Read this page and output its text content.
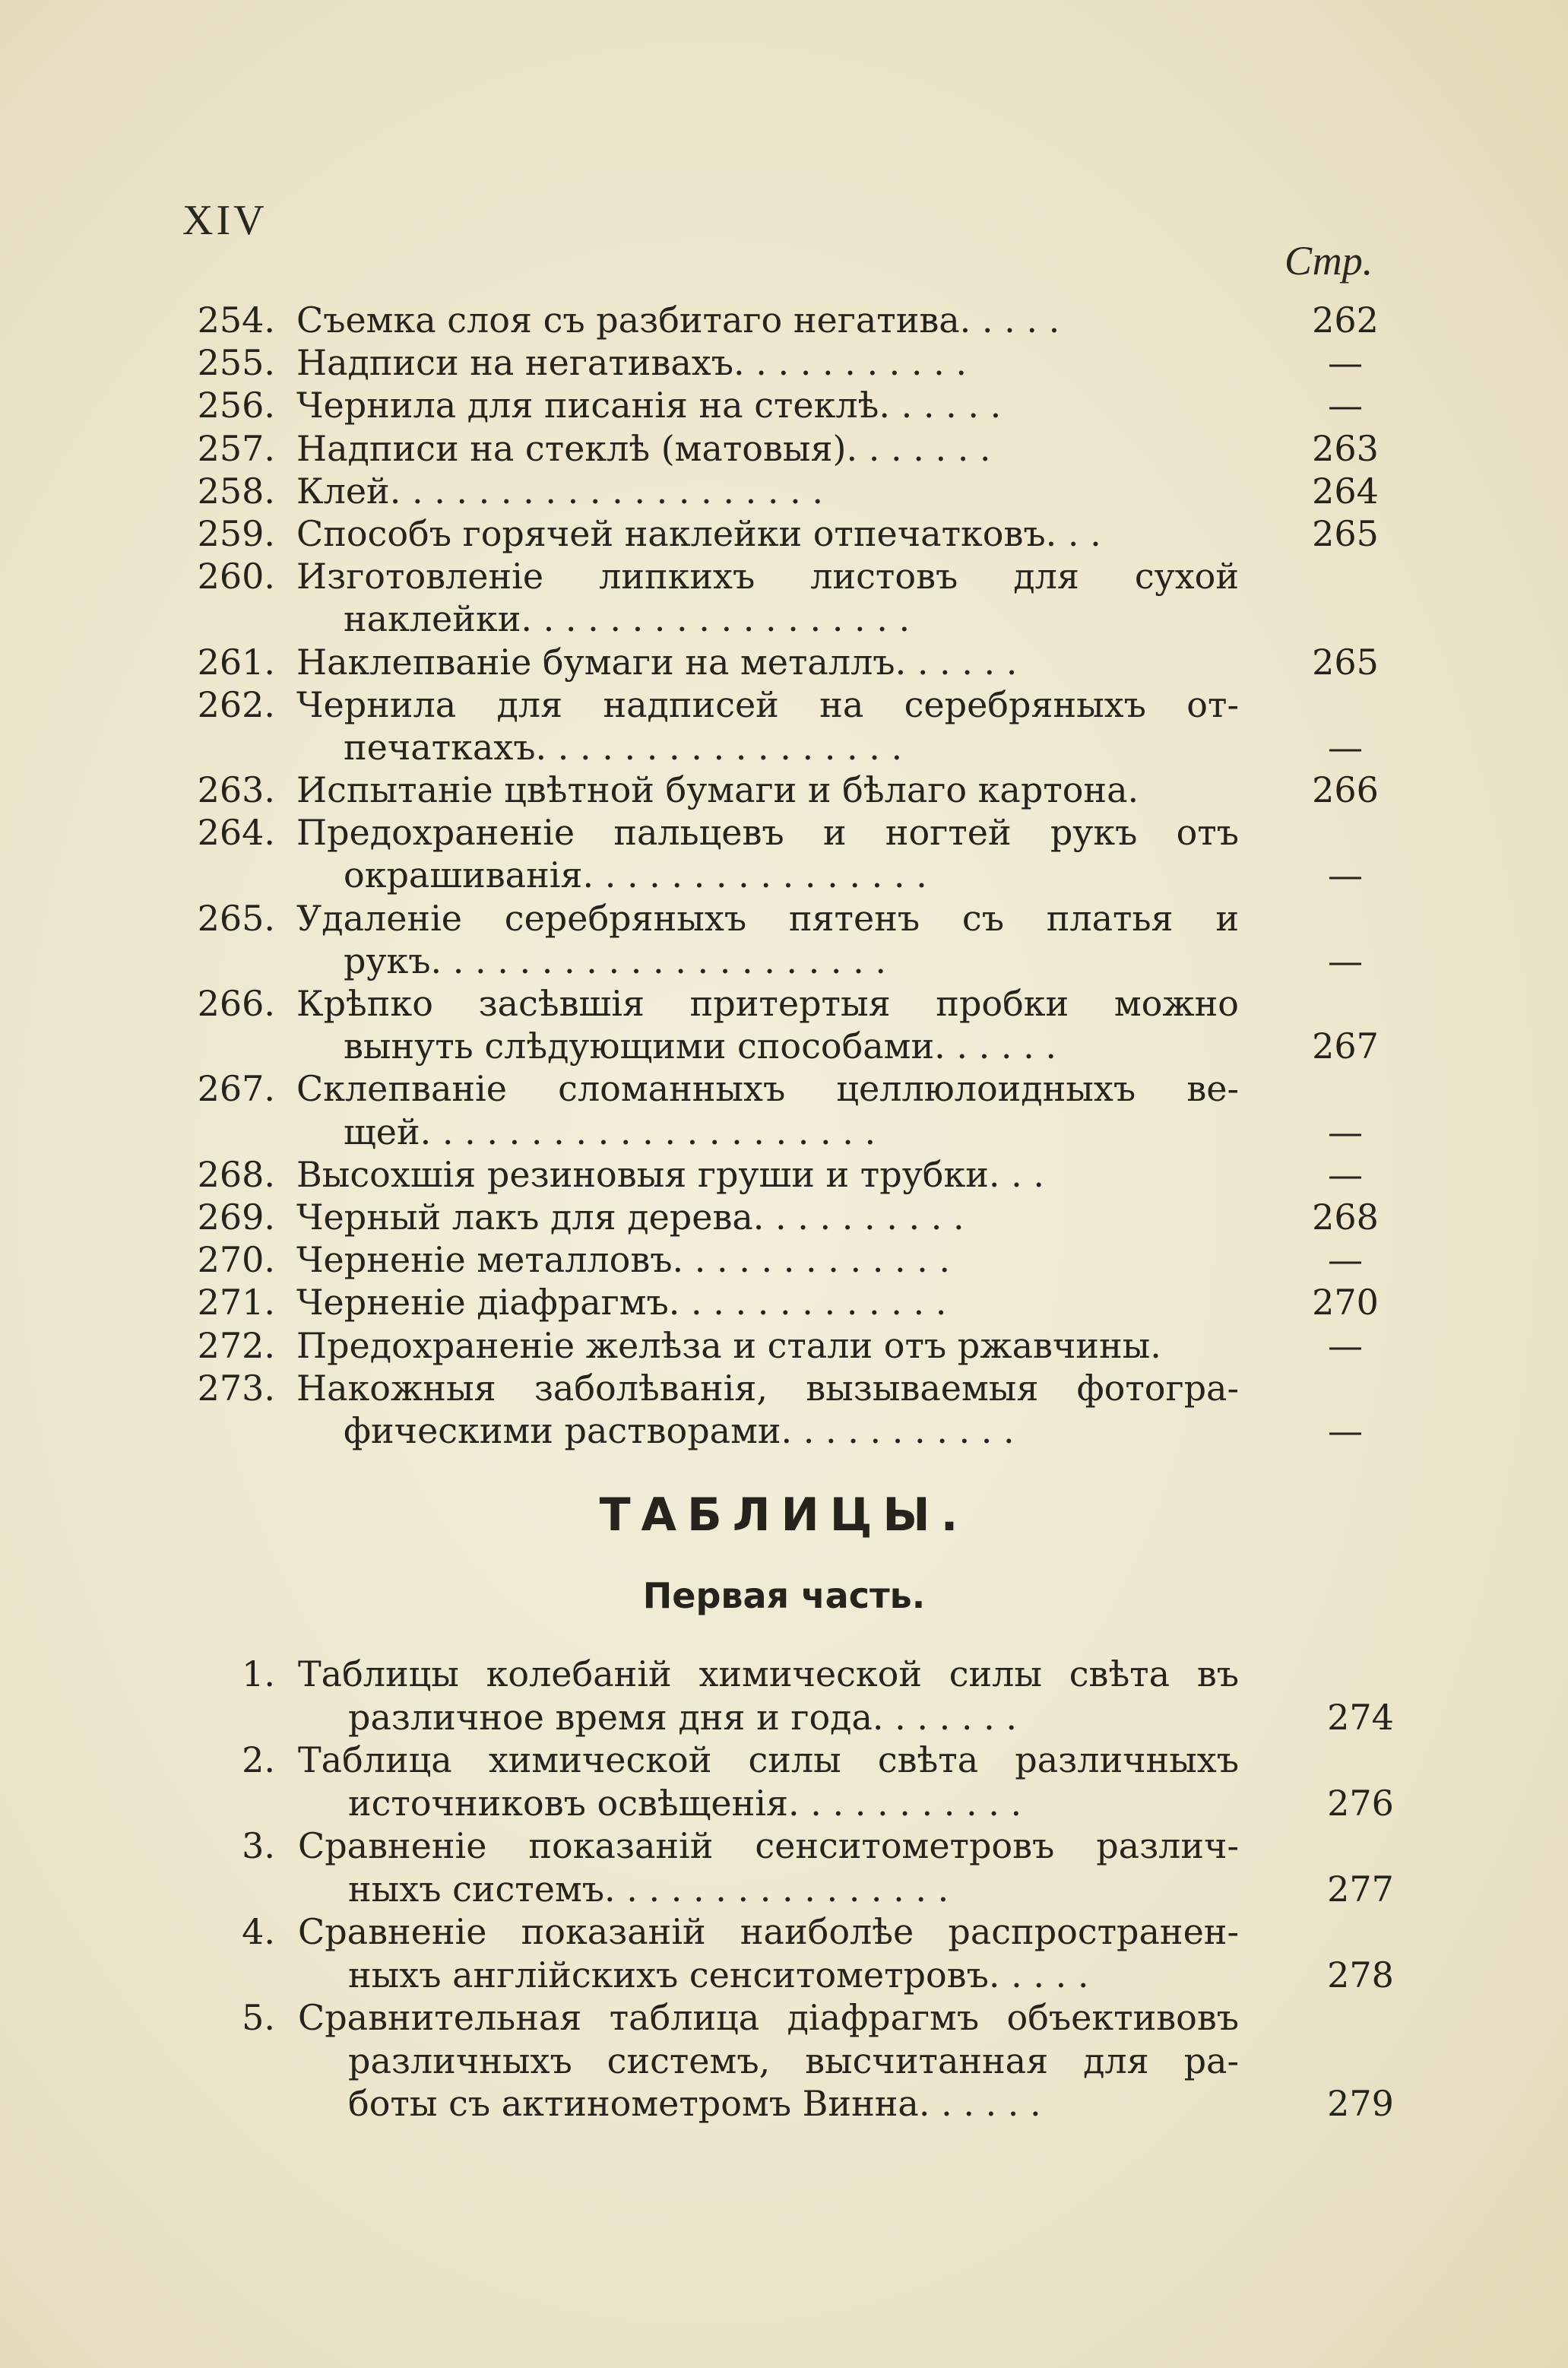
XIV
Стр.
254. Съемка слоя съ разбитаго негатива. . . . .	262
255. Надписи на негативахъ. . . . . . . . . . .	—
256. Чернила для писанія на стеклѣ. . . . . .	—
257. Надписи на стеклѣ (матовыя). . . . . . .	263
258. Клей. . . . . . . . . . . . . . . . . . . .	264
259. Способъ горячей наклейки отпечатковъ. . .	265
260. Изготовленіе липкихъ листовъ для сухой
наклейки. . . . . . . . . . . . . . . . . .
261. Наклепваніе бумаги на металлъ. . . . . .	265
262. Чернила для надписей на серебряныхъ от-
печаткахъ. . . . . . . . . . . . . . . . .	—
263. Испытаніе цвѣтной бумаги и бѣлаго картона.	266
264. Предохраненіе пальцевъ и ногтей рукъ отъ
окрашиванія. . . . . . . . . . . . . . . .	—
265. Удаленіе серебряныхъ пятенъ съ платья и
рукъ. . . . . . . . . . . . . . . . . . . . .	—
266. Крѣпко засѣвшія притертыя пробки можно
вынуть слѣдующими способами. . . . . .	267
267. Склепваніе сломанныхъ целлюлоидныхъ ве-
щей. . . . . . . . . . . . . . . . . . . . .	—
268. Высохшія резиновыя груши и трубки. . .	—
269. Черный лакъ для дерева. . . . . . . . . .	268
270. Черненіе металловъ. . . . . . . . . . . . .	—
271. Черненіе діафрагмъ. . . . . . . . . . . . .	270
272. Предохраненіе желѣза и стали отъ ржавчины.	—
273. Накожныя заболѣванія, вызываемыя фотогра-
фическими растворами. . . . . . . . . . .	—
ТАБЛИЦЫ.
Первая часть.
1. Таблицы колебаній химической силы свѣта въ
различное время дня и года. . . . . . .	274
2. Таблица химической силы свѣта различныхъ
источниковъ освѣщенія. . . . . . . . . . .	276
3. Сравненіе показаній сенситометровъ различ-
ныхъ системъ. . . . . . . . . . . . . . . .	277
4. Сравненіе показаній наиболѣе распространен-
ныхъ англійскихъ сенситометровъ. . . . .	278
5. Сравнительная таблица діафрагмъ объективовъ
различныхъ системъ, высчитанная для ра-
боты съ актинометромъ Винна. . . . . .	279
